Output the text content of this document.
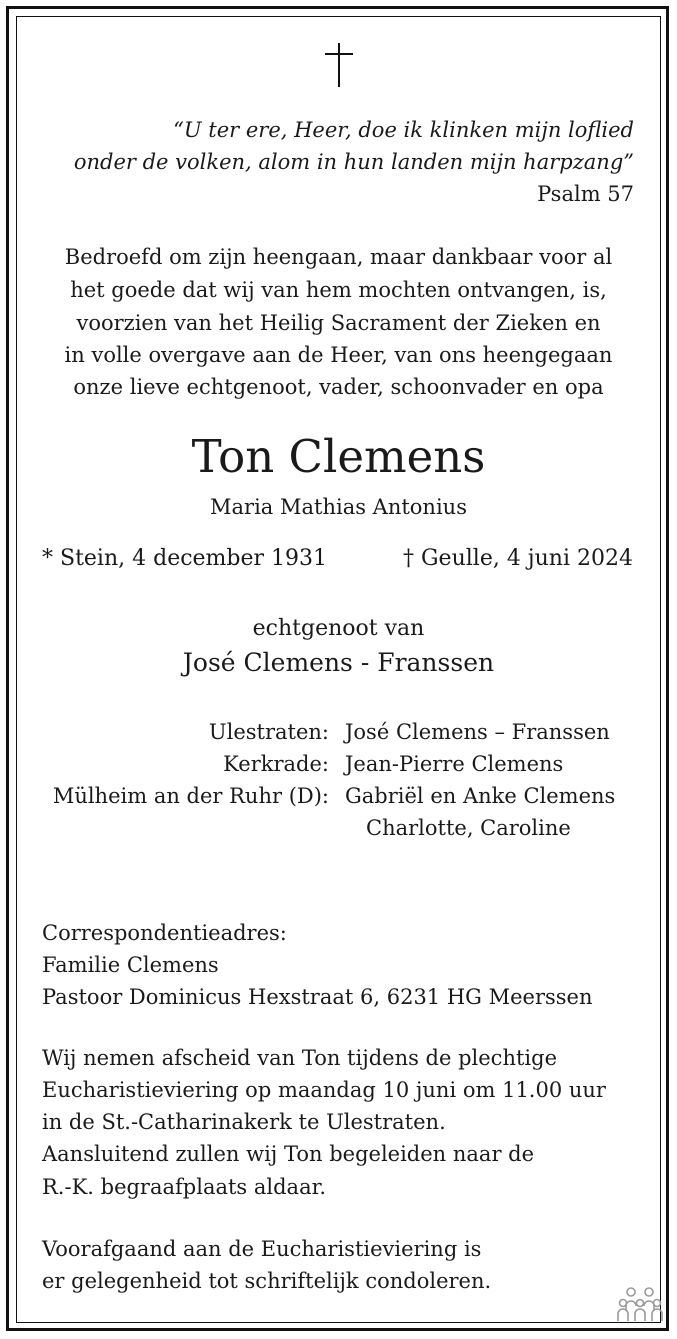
“U ter ere, Heer, doe ik klinken mijn loflied
onder de volken, alom in hun landen mijn harpzang”
Psalm 57
Bedroefd om zijn heengaan, maar dankbaar voor al
het goede dat wij van hem mochten ontvangen, is,
voorzien van het Heilig Sacrament der Zieken en
in volle overgave aan de Heer, van ons heengegaan
onze lieve echtgenoot, vader, schoonvader en opa
Ton Clemens
Maria Mathias Antonius
* Stein, 4 december 1931	† Geulle, 4 juni 2024
echtgenoot van
José Clemens - Franssen
Ulestraten: José Clemens – Franssen
Kerkrade: Jean-Pierre Clemens
Mülheim an der Ruhr (D): Gabriël en Anke Clemens
Charlotte, Caroline
Correspondentieadres:
Familie Clemens
Pastoor Dominicus Hexstraat 6, 6231 HG Meerssen
Wij nemen afscheid van Ton tijdens de plechtige
Eucharistieviering op maandag 10 juni om 11.00 uur
in de St.-Catharinakerk te Ulestraten.
Aansluitend zullen wij Ton begeleiden naar de
R.-K. begraafplaats aldaar.
Voorafgaand aan de Eucharistieviering is
er gelegenheid tot schriftelijk condoleren.
